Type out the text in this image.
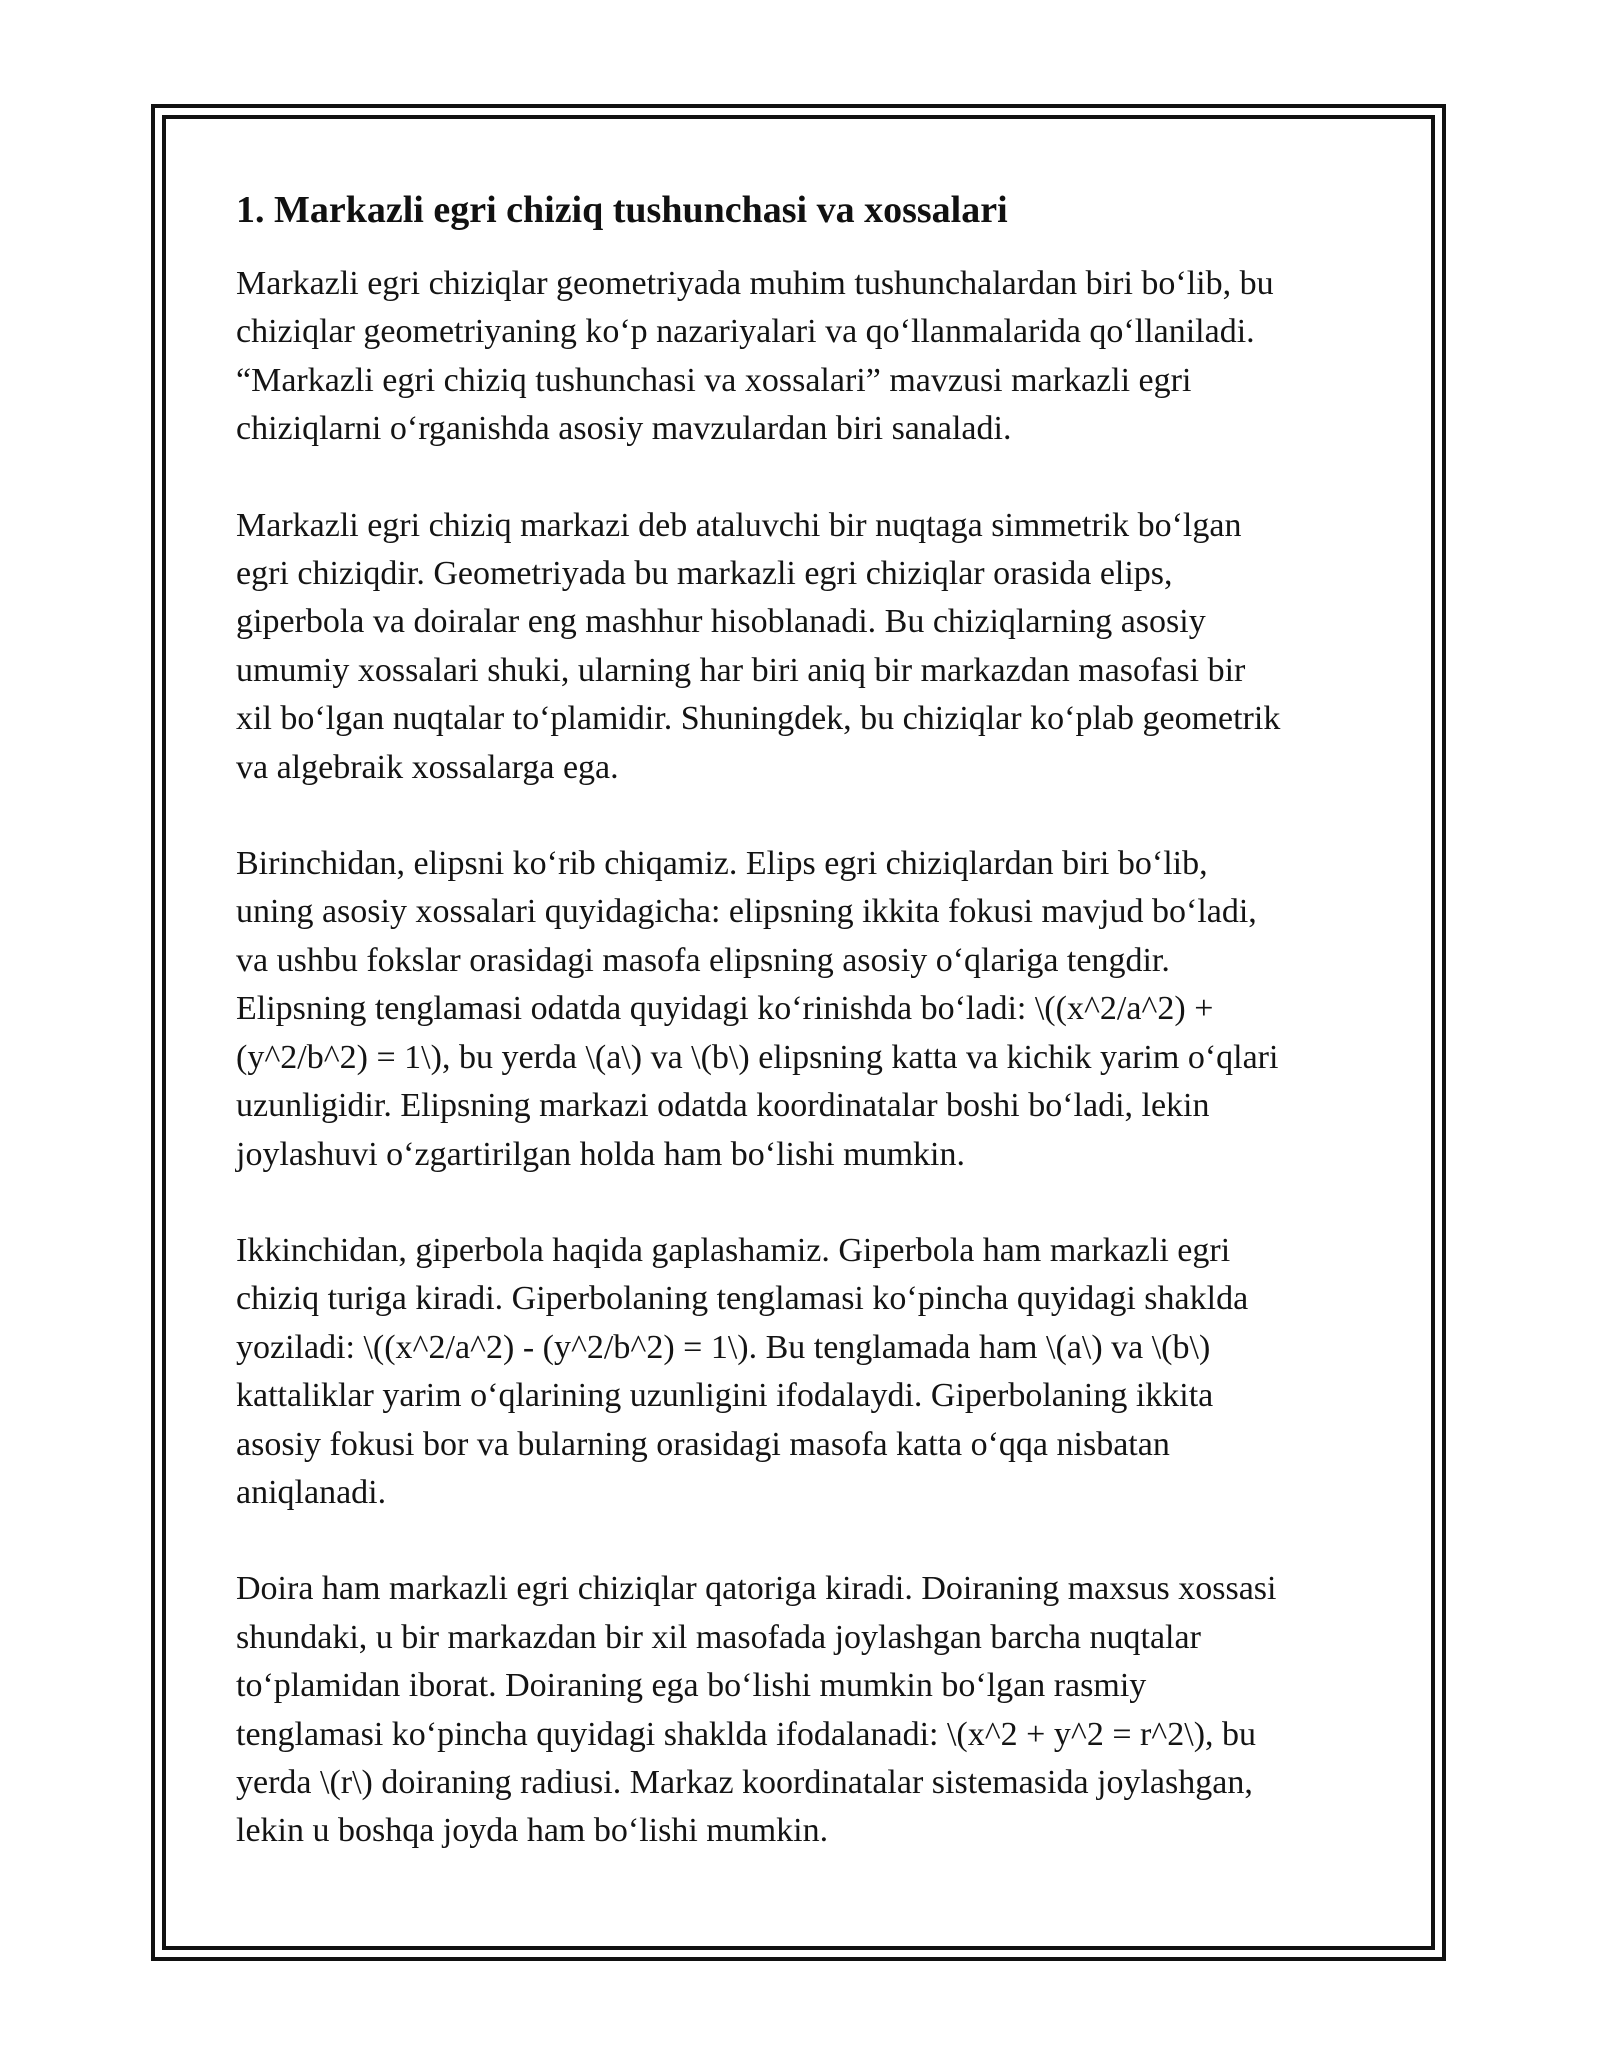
1. Markazli egri chiziq tushunchasi va xossalari

Markazli egri chiziqlar geometriyada muhim tushunchalardan biri bo‘lib, bu
chiziqlar geometriyaning ko‘p nazariyalari va qo‘llanmalarida qo‘llaniladi.
“Markazli egri chiziq tushunchasi va xossalari” mavzusi markazli egri
chiziqlarni o‘rganishda asosiy mavzulardan biri sanaladi.

Markazli egri chiziq markazi deb ataluvchi bir nuqtaga simmetrik bo‘lgan
egri chiziqdir. Geometriyada bu markazli egri chiziqlar orasida elips,
giperbola va doiralar eng mashhur hisoblanadi. Bu chiziqlarning asosiy
umumiy xossalari shuki, ularning har biri aniq bir markazdan masofasi bir
xil bo‘lgan nuqtalar to‘plamidir. Shuningdek, bu chiziqlar ko‘plab geometrik
va algebraik xossalarga ega.

Birinchidan, elipsni ko‘rib chiqamiz. Elips egri chiziqlardan biri bo‘lib,
uning asosiy xossalari quyidagicha: elipsning ikkita fokusi mavjud bo‘ladi,
va ushbu fokslar orasidagi masofa elipsning asosiy o‘qlariga tengdir.
Elipsning tenglamasi odatda quyidagi ko‘rinishda bo‘ladi: \((x^2/a^2) +
(y^2/b^2) = 1\), bu yerda \(a\) va \(b\) elipsning katta va kichik yarim o‘qlari
uzunligidir. Elipsning markazi odatda koordinatalar boshi bo‘ladi, lekin
joylashuvi o‘zgartirilgan holda ham bo‘lishi mumkin.

Ikkinchidan, giperbola haqida gaplashamiz. Giperbola ham markazli egri
chiziq turiga kiradi. Giperbolaning tenglamasi ko‘pincha quyidagi shaklda
yoziladi: \((x^2/a^2) - (y^2/b^2) = 1\). Bu tenglamada ham \(a\) va \(b\)
kattaliklar yarim o‘qlarining uzunligini ifodalaydi. Giperbolaning ikkita
asosiy fokusi bor va bularning orasidagi masofa katta o‘qqa nisbatan
aniqlanadi.

Doira ham markazli egri chiziqlar qatoriga kiradi. Doiraning maxsus xossasi
shundaki, u bir markazdan bir xil masofada joylashgan barcha nuqtalar
to‘plamidan iborat. Doiraning ega bo‘lishi mumkin bo‘lgan rasmiy
tenglamasi ko‘pincha quyidagi shaklda ifodalanadi: \(x^2 + y^2 = r^2\), bu
yerda \(r\) doiraning radiusi. Markaz koordinatalar sistemasida joylashgan,
lekin u boshqa joyda ham bo‘lishi mumkin.
